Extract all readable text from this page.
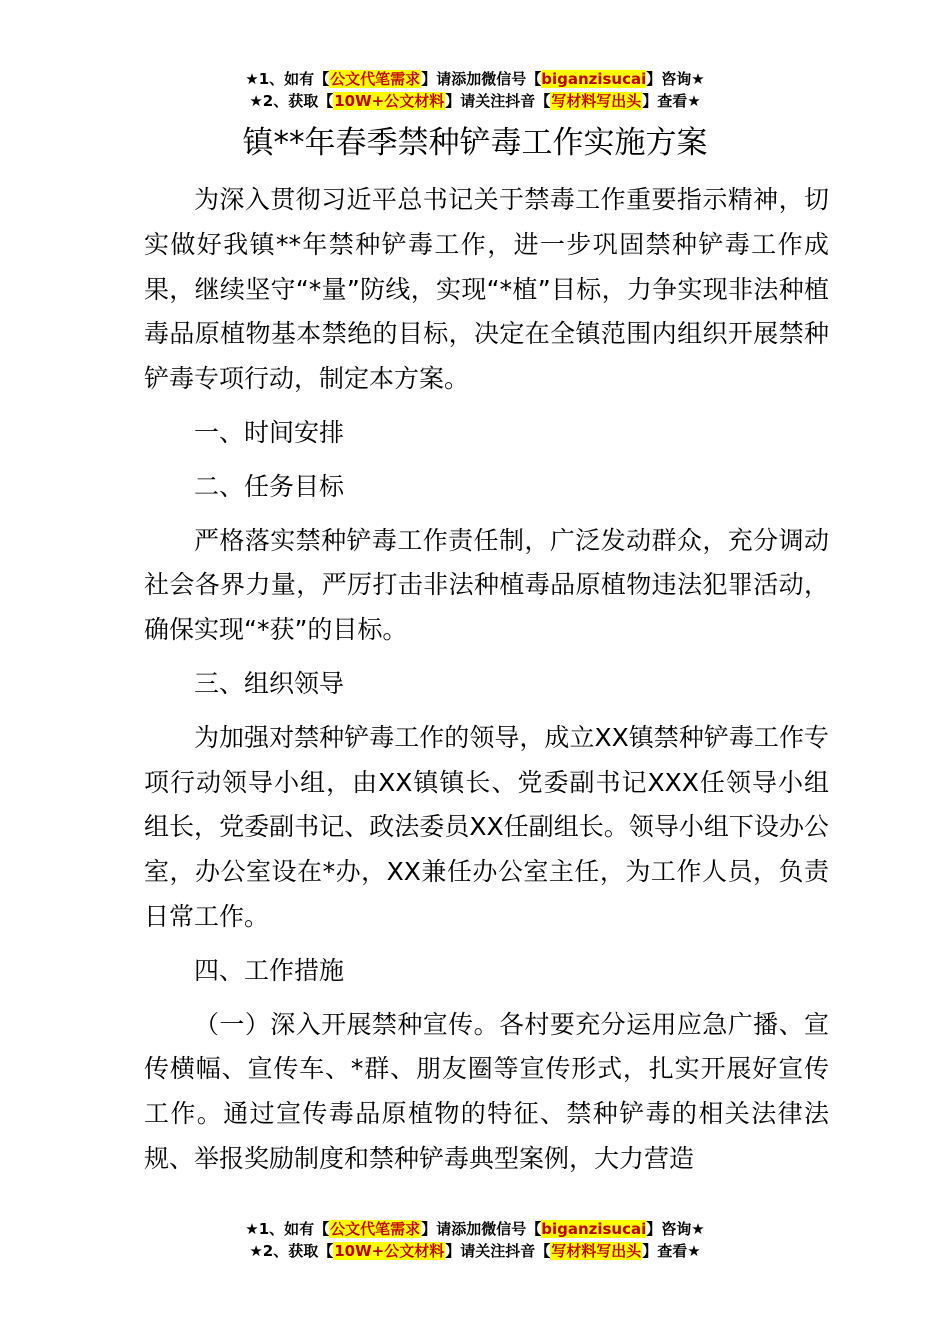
★1、如有【公文代笔需求】请添加微信号【biganzisucai】咨询★
★2、获取【10W+公文材料】请关注抖音【写材料写出头】查看★
镇**年春季禁种铲毒工作实施方案

为深入贯彻习近平总书记关于禁毒工作重要指示精神，切实做好我镇**年禁种铲毒工作，进一步巩固禁种铲毒工作成果，继续坚守“*量”防线，实现“*植”目标，力争实现非法种植毒品原植物基本禁绝的目标，决定在全镇范围内组织开展禁种铲毒专项行动，制定本方案。

一、时间安排

二、任务目标

严格落实禁种铲毒工作责任制，广泛发动群众，充分调动社会各界力量，严厉打击非法种植毒品原植物违法犯罪活动，确保实现“*获”的目标。

三、组织领导

为加强对禁种铲毒工作的领导，成立XX镇禁种铲毒工作专项行动领导小组，由XX镇镇长、党委副书记XXX任领导小组组长，党委副书记、政法委员XX任副组长。领导小组下设办公室，办公室设在*办，XX兼任办公室主任，为工作人员，负责日常工作。

四、工作措施

（一）深入开展禁种宣传。各村要充分运用应急广播、宣传横幅、宣传车、*群、朋友圈等宣传形式，扎实开展好宣传工作。通过宣传毒品原植物的特征、禁种铲毒的相关法律法规、举报奖励制度和禁种铲毒典型案例，大力营造

★1、如有【公文代笔需求】请添加微信号【biganzisucai】咨询★
★2、获取【10W+公文材料】请关注抖音【写材料写出头】查看★
